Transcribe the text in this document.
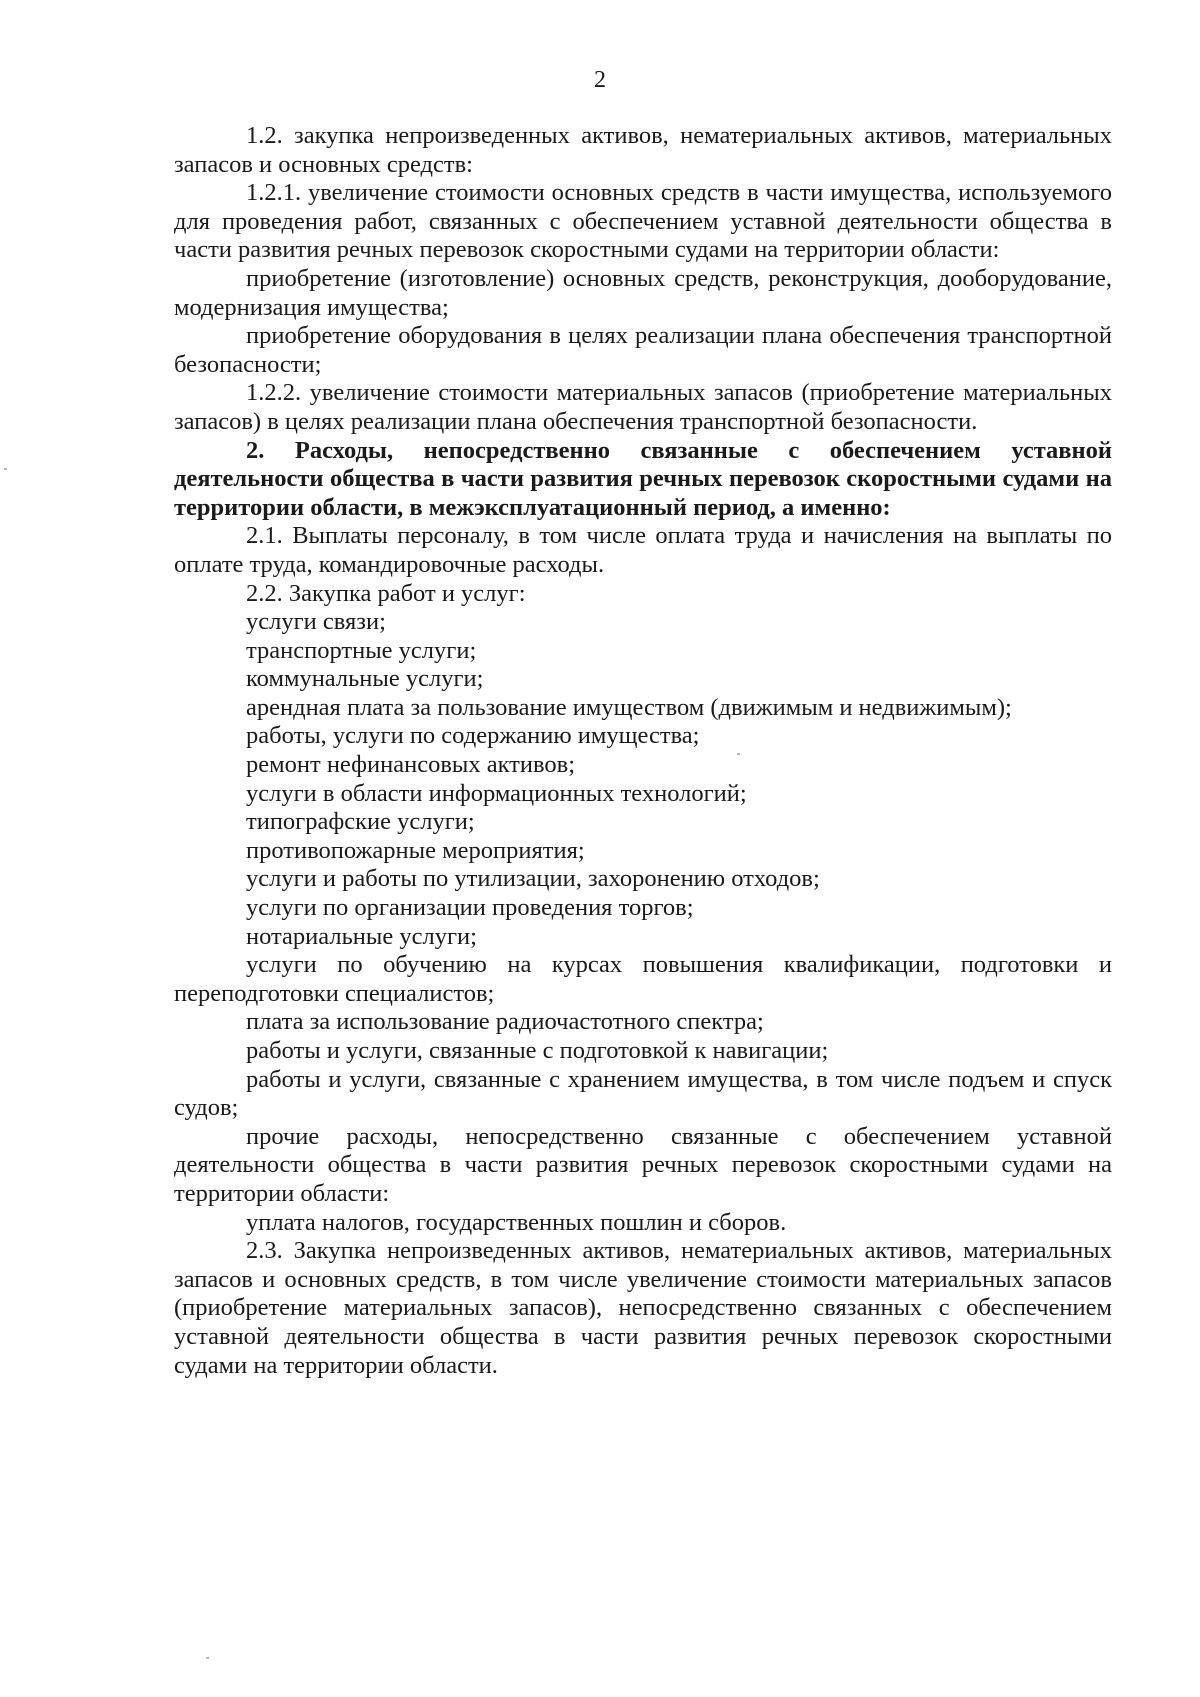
2

1.2. закупка непроизведенных активов, нематериальных активов, материальных запасов и основных средств:

1.2.1. увеличение стоимости основных средств в части имущества, используемого для проведения работ, связанных с обеспечением уставной деятельности общества в части развития речных перевозок скоростными судами на территории области:

приобретение (изготовление) основных средств, реконструкция, дооборудование, модернизация имущества;

приобретение оборудования в целях реализации плана обеспечения транспортной безопасности;

1.2.2. увеличение стоимости материальных запасов (приобретение материальных запасов) в целях реализации плана обеспечения транспортной безопасности.

2. Расходы, непосредственно связанные с обеспечением уставной деятельности общества в части развития речных перевозок скоростными судами на территории области, в межэксплуатационный период, а именно:

2.1. Выплаты персоналу, в том числе оплата труда и начисления на выплаты по оплате труда, командировочные расходы.

2.2. Закупка работ и услуг:

услуги связи;

транспортные услуги;

коммунальные услуги;

арендная плата за пользование имуществом (движимым и недвижимым);

работы, услуги по содержанию имущества;

ремонт нефинансовых активов;

услуги в области информационных технологий;

типографские услуги;

противопожарные мероприятия;

услуги и работы по утилизации, захоронению отходов;

услуги по организации проведения торгов;

нотариальные услуги;

услуги по обучению на курсах повышения квалификации, подготовки и переподготовки специалистов;

плата за использование радиочастотного спектра;

работы и услуги, связанные с подготовкой к навигации;

работы и услуги, связанные с хранением имущества, в том числе подъем и спуск судов;

прочие расходы, непосредственно связанные с обеспечением уставной деятельности общества в части развития речных перевозок скоростными судами на территории области:

уплата налогов, государственных пошлин и сборов.

2.3. Закупка непроизведенных активов, нематериальных активов, материальных запасов и основных средств, в том числе увеличение стоимости материальных запасов (приобретение материальных запасов), непосредственно связанных с обеспечением уставной деятельности общества в части развития речных перевозок скоростными судами на территории области.
